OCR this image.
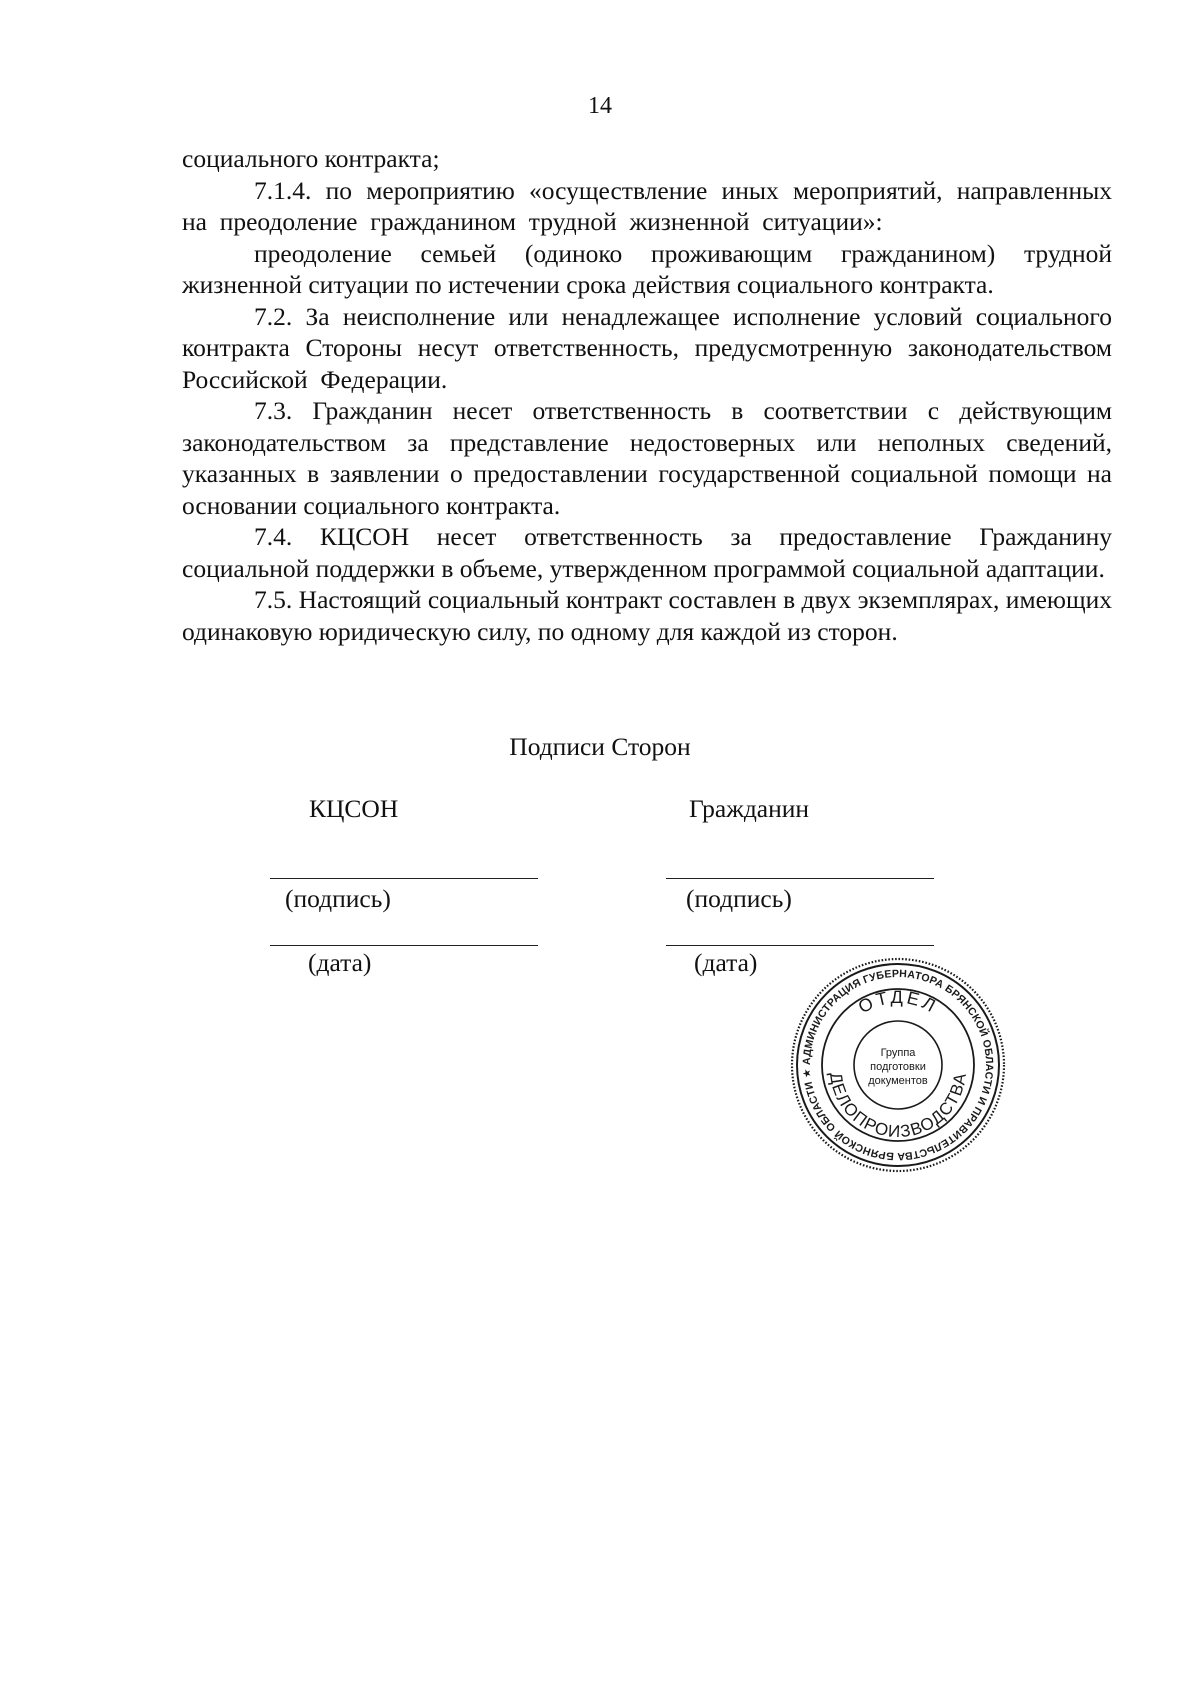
14

социального контракта;

7.1.4. по мероприятию «осуществление иных мероприятий, направленных на преодоление гражданином трудной жизненной ситуации»:

преодоление семьей (одиноко проживающим гражданином) трудной жизненной ситуации по истечении срока действия социального контракта.

7.2. За неисполнение или ненадлежащее исполнение условий социального контракта Стороны несут ответственность, предусмотренную законодательством Российской Федерации.

7.3. Гражданин несет ответственность в соответствии с действующим законодательством за представление недостоверных или неполных сведений, указанных в заявлении о предоставлении государственной социальной помощи на основании социального контракта.

7.4. КЦСОН несет ответственность за предоставление Гражданину социальной поддержки в объеме, утвержденном программой социальной адаптации.

7.5. Настоящий социальный контракт составлен в двух экземплярах, имеющих одинаковую юридическую силу, по одному для каждой из сторон.

Подписи Сторон
КЦСОН	Гражданин
(подпись)	(подпись)
(дата)	(дата)
АДМИНИСТРАЦИЯ ГУБЕРНАТОРА БРЯНСКОЙ ОБЛАСТИ И ПРАВИТЕЛЬСТВА БРЯНСКОЙ ОБЛАСТИ ★
ОТДЕЛ
ДЕЛОПРОИЗВОДСТВА
Группа
подготовки
документов
